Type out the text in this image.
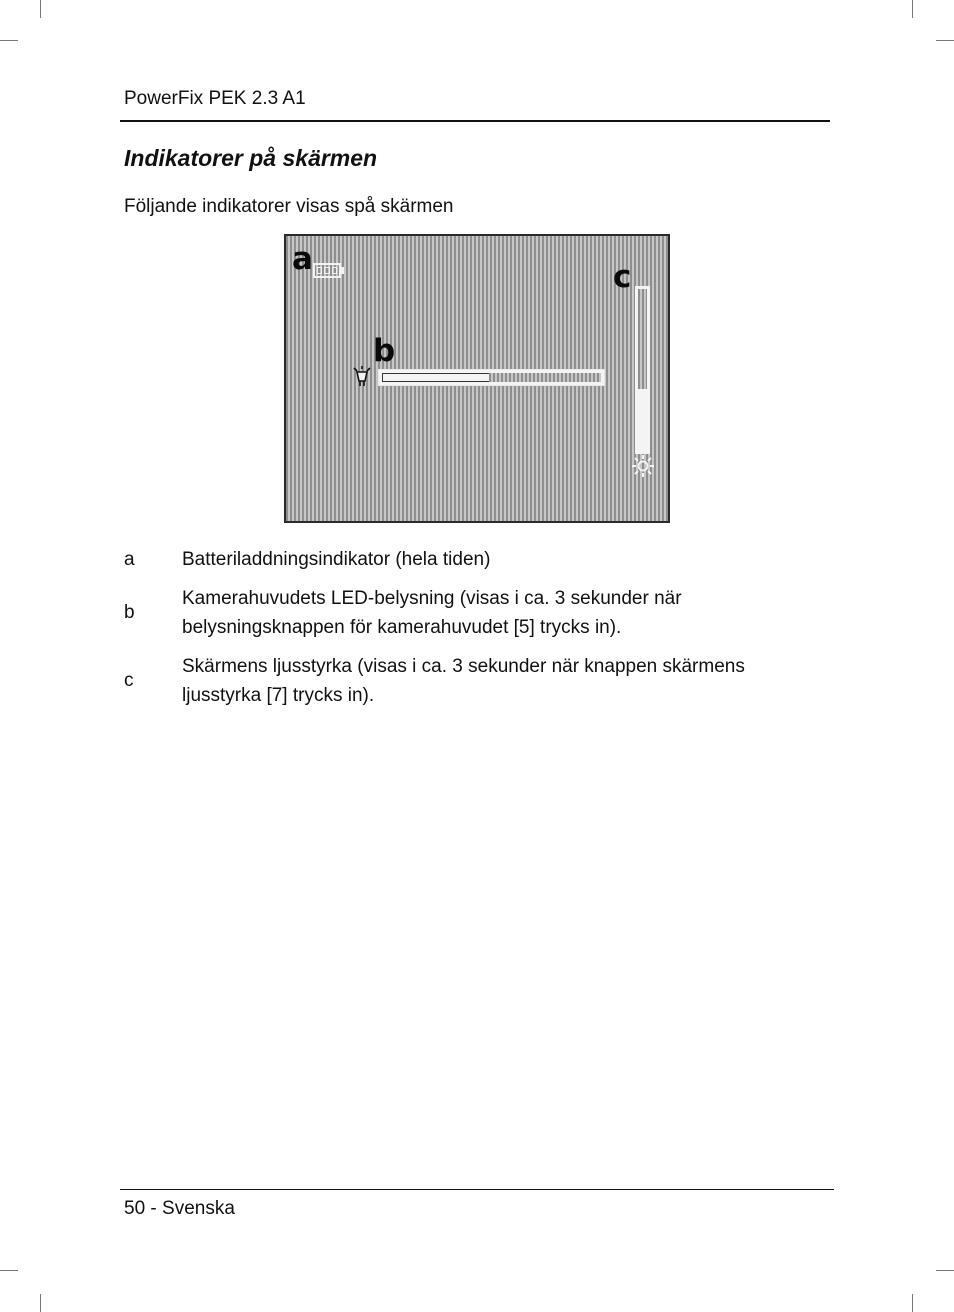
PowerFix PEK 2.3 A1
Indikatorer på skärmen
Följande indikatorer visas spå skärmen
a
b
c
a	Batteriladdningsindikator (hela tiden)
b
Kamerahuvudets LED-belysning (visas i ca. 3 sekunder när belysningsknappen för kamerahuvudet [5] trycks in).
c
Skärmens ljusstyrka (visas i ca. 3 sekunder när knappen skärmens ljusstyrka [7] trycks in).
50 - Svenska
